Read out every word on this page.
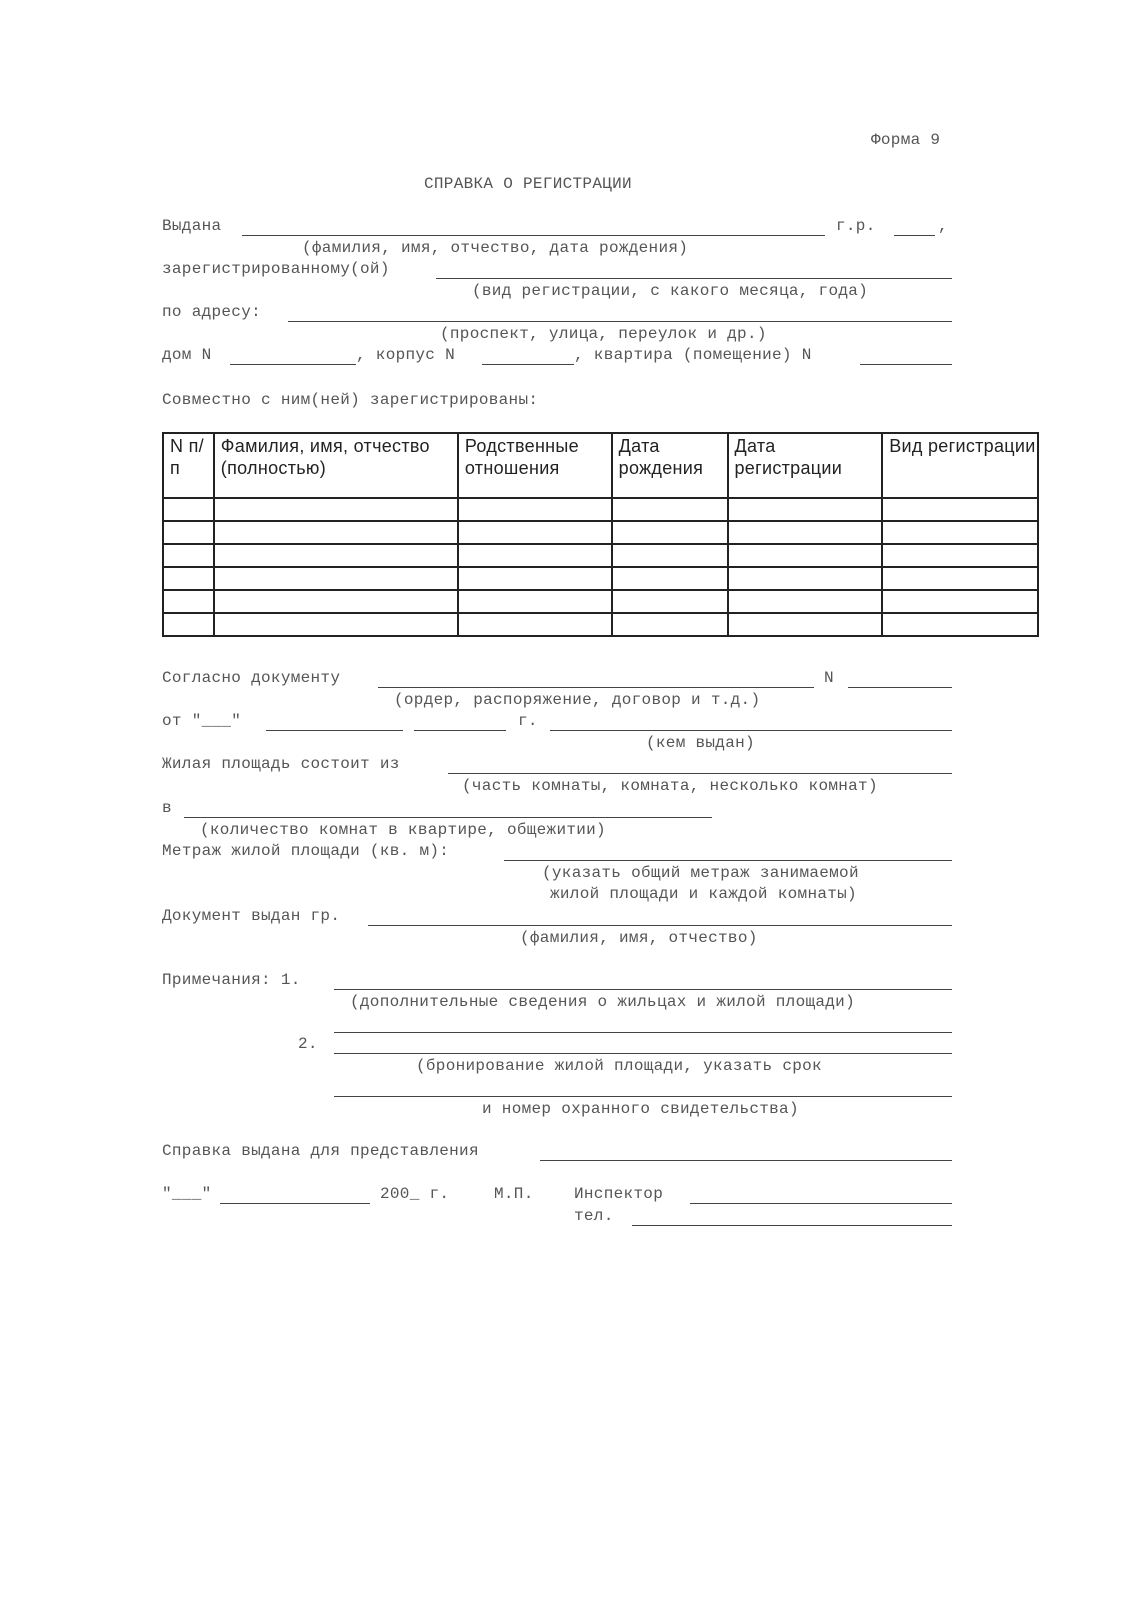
Форма 9
СПРАВКА О РЕГИСТРАЦИИ
Выдана	г.р.	,
(фамилия, имя, отчество, дата рождения)
зарегистрированному(ой)
(вид регистрации, с какого месяца, года)
по адресу:
(проспект, улица, переулок и др.)
дом N	, корпус N	, квартира (помещение) N
Совместно с ним(ней) зарегистрированы:
N п/п	Фамилия, имя, отчество (полностью)	Родственные отношения	Дата рождения	Дата регистрации	Вид регистрации

Согласно документу	N
(ордер, распоряжение, договор и т.д.)
от "___"	г.
(кем выдан)
Жилая площадь состоит из
(часть комнаты, комната, несколько комнат)
в
(количество комнат в квартире, общежитии)
Метраж жилой площади (кв. м):
(указать общий метраж занимаемой
жилой площади и каждой комнаты)
Документ выдан гр.
(фамилия, имя, отчество)
Примечания: 1.
(дополнительные сведения о жильцах и жилой площади)
2.
(бронирование жилой площади, указать срок
и номер охранного свидетельства)
Справка выдана для представления
"___"	200_ г.	М.П.	Инспектор
тел.
